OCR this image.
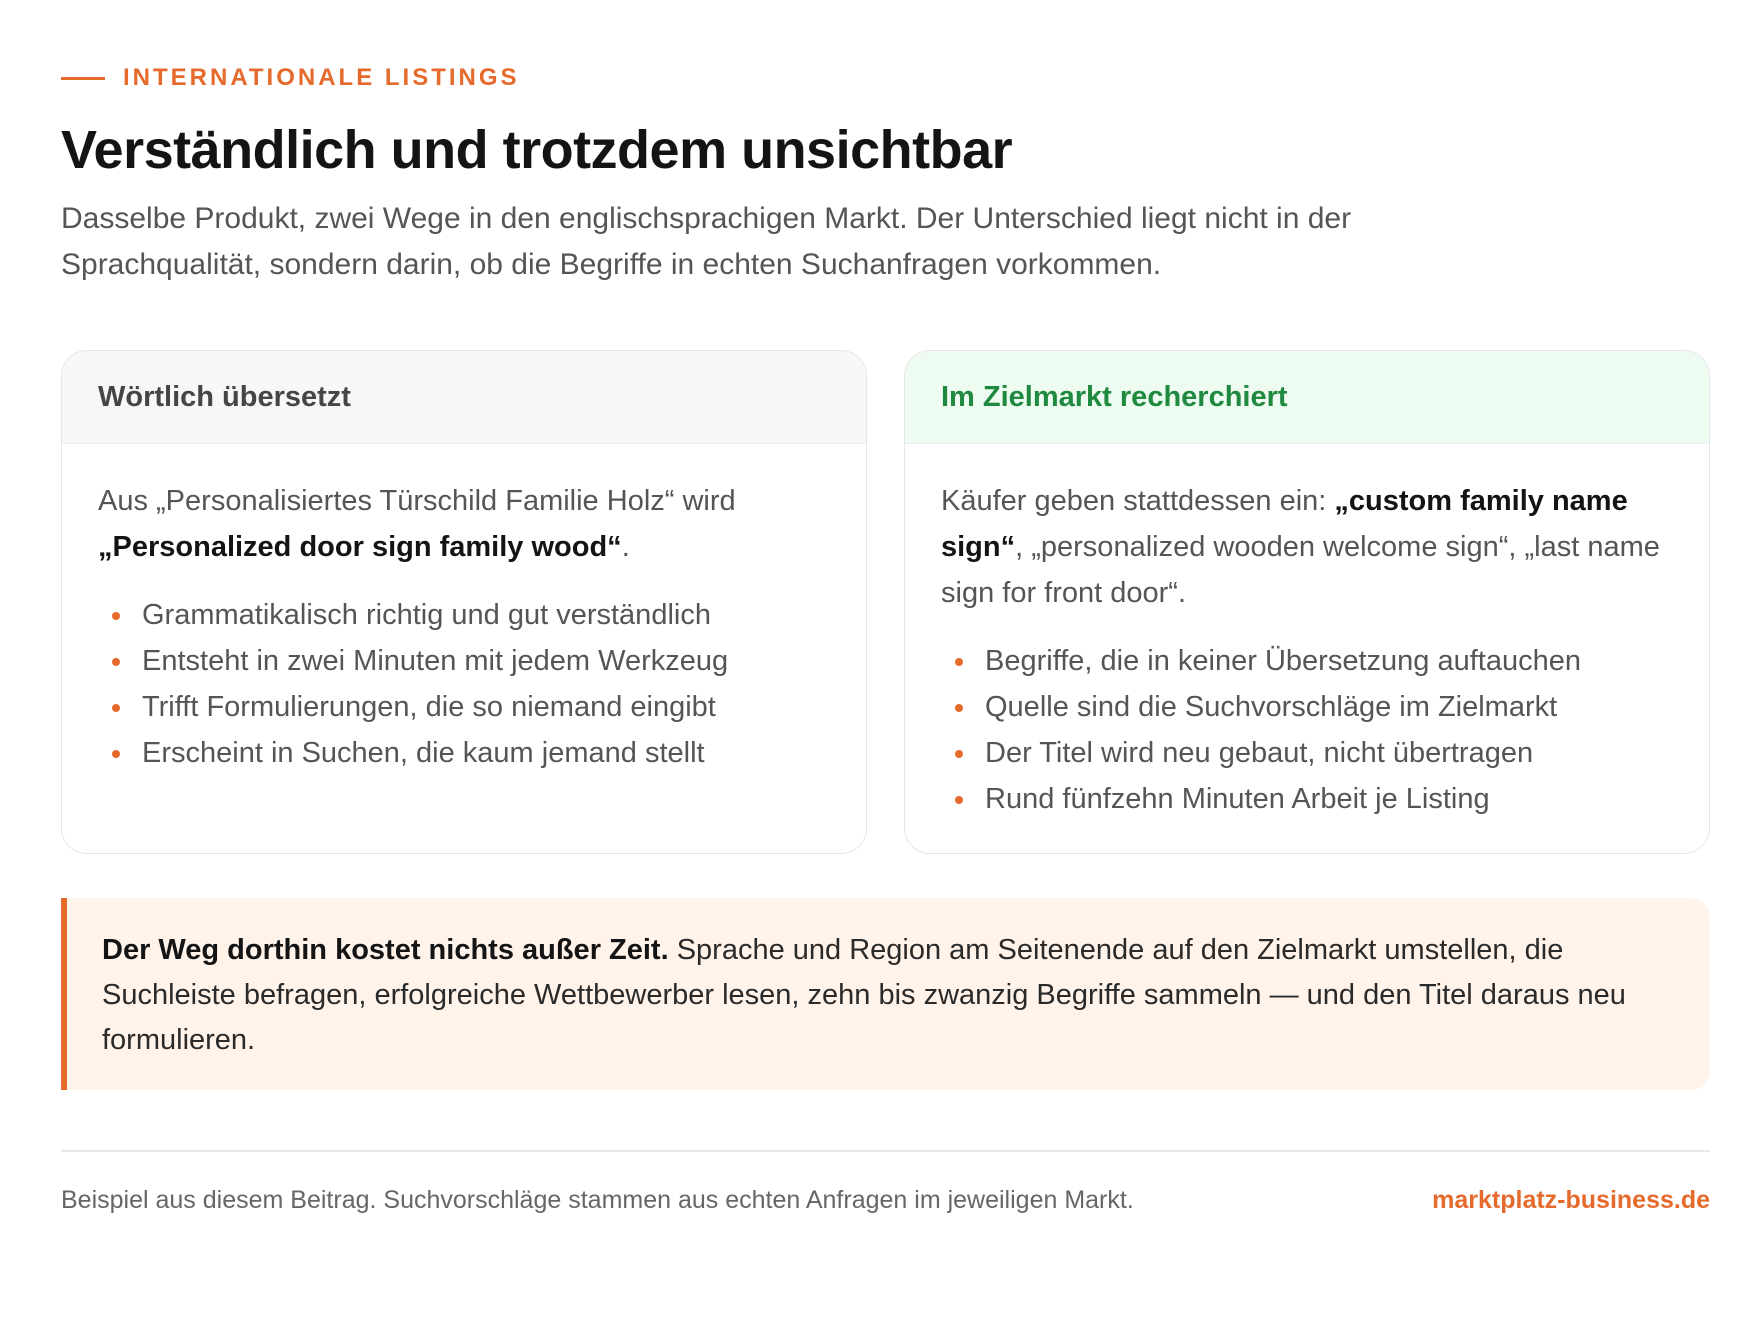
INTERNATIONALE LISTINGS
Verständlich und trotzdem unsichtbar

Dasselbe Produkt, zwei Wege in den englischsprachigen Markt. Der Unterschied liegt nicht in der Sprachqualität, sondern darin, ob die Begriffe in echten Suchanfragen vorkommen.

Wörtlich übersetzt

Aus „Personalisiertes Türschild Familie Holz“ wird „Personalized door sign family wood“.

Grammatikalisch richtig und gut verständlich
Entsteht in zwei Minuten mit jedem Werkzeug
Trifft Formulierungen, die so niemand eingibt
Erscheint in Suchen, die kaum jemand stellt
Im Zielmarkt recherchiert

Käufer geben stattdessen ein: „custom family name sign“, „personalized wooden welcome sign“, „last name sign for front door“.

Begriffe, die in keiner Übersetzung auftauchen
Quelle sind die Suchvorschläge im Zielmarkt
Der Titel wird neu gebaut, nicht übertragen
Rund fünfzehn Minuten Arbeit je Listing

Der Weg dorthin kostet nichts außer Zeit. Sprache und Region am Seitenende auf den Zielmarkt umstellen, die Suchleiste befragen, erfolgreiche Wettbewerber lesen, zehn bis zwanzig Begriffe sammeln — und den Titel daraus neu formulieren.

Beispiel aus diesem Beitrag. Suchvorschläge stammen aus echten Anfragen im jeweiligen Markt.	marktplatz-business.de
